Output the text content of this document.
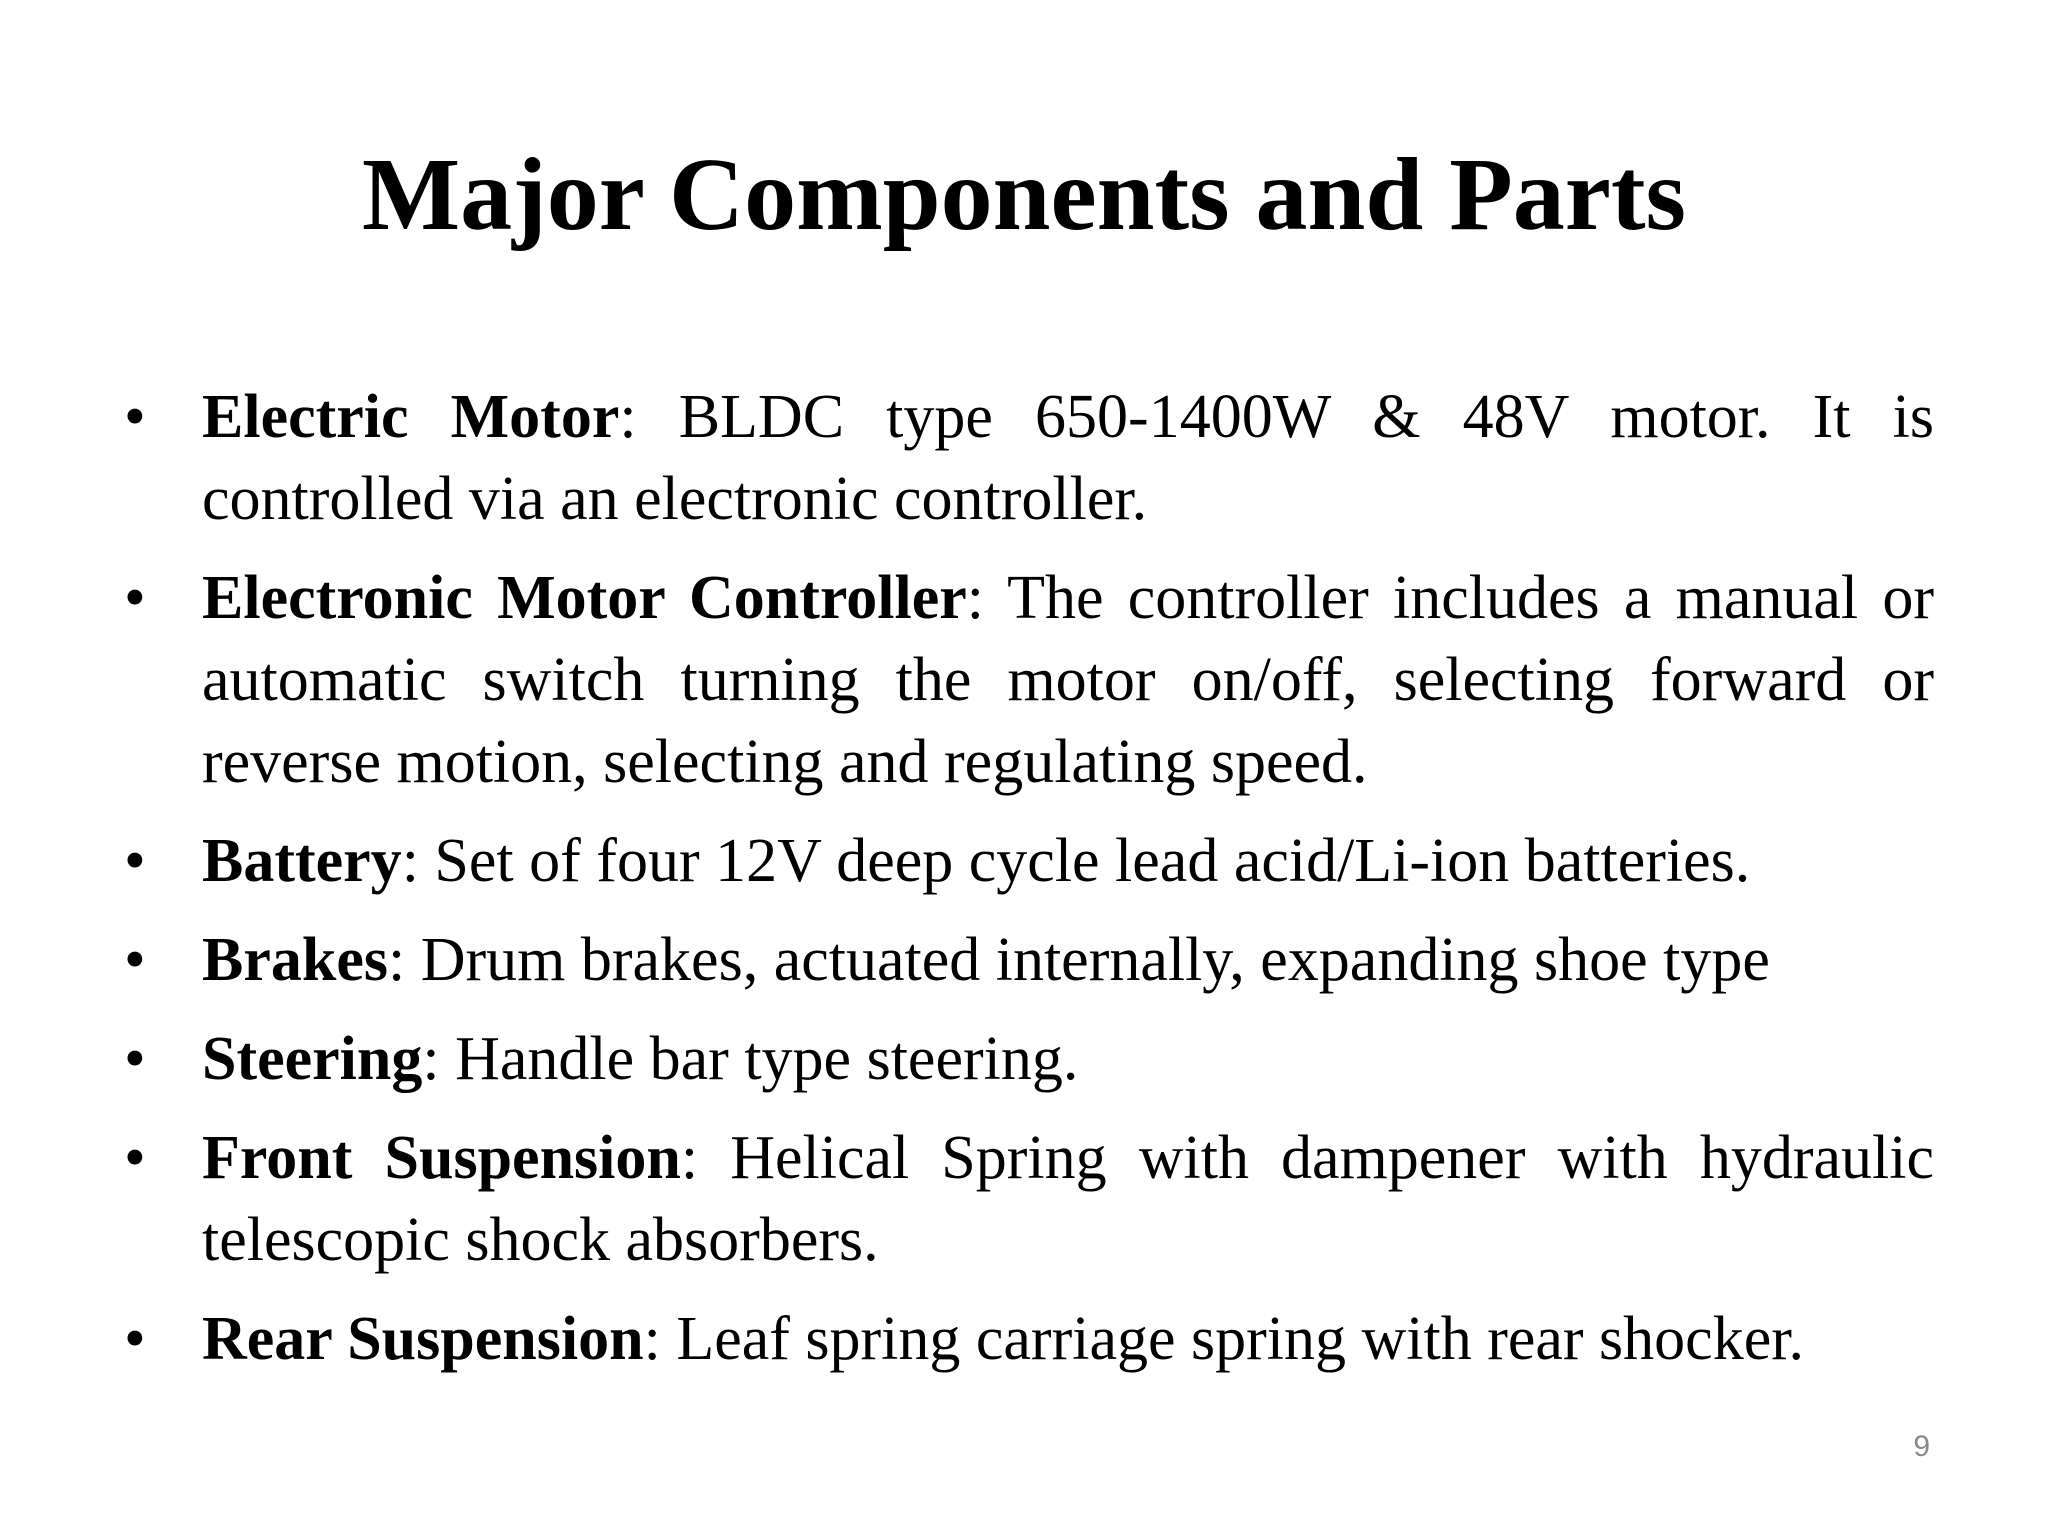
Major Components and Parts
• Electric Motor: BLDC type 650-1400W & 48V motor. It is controlled via an electronic controller.
• Electronic Motor Controller: The controller includes a manual or automatic switch turning the motor on/off, selecting forward or reverse motion, selecting and regulating speed.
• Battery: Set of four 12V deep cycle lead acid/Li-ion batteries.
• Brakes: Drum brakes, actuated internally, expanding shoe type
• Steering: Handle bar type steering.
• Front Suspension: Helical Spring with dampener with hydraulic telescopic shock absorbers.
• Rear Suspension: Leaf spring carriage spring with rear shocker.
9
